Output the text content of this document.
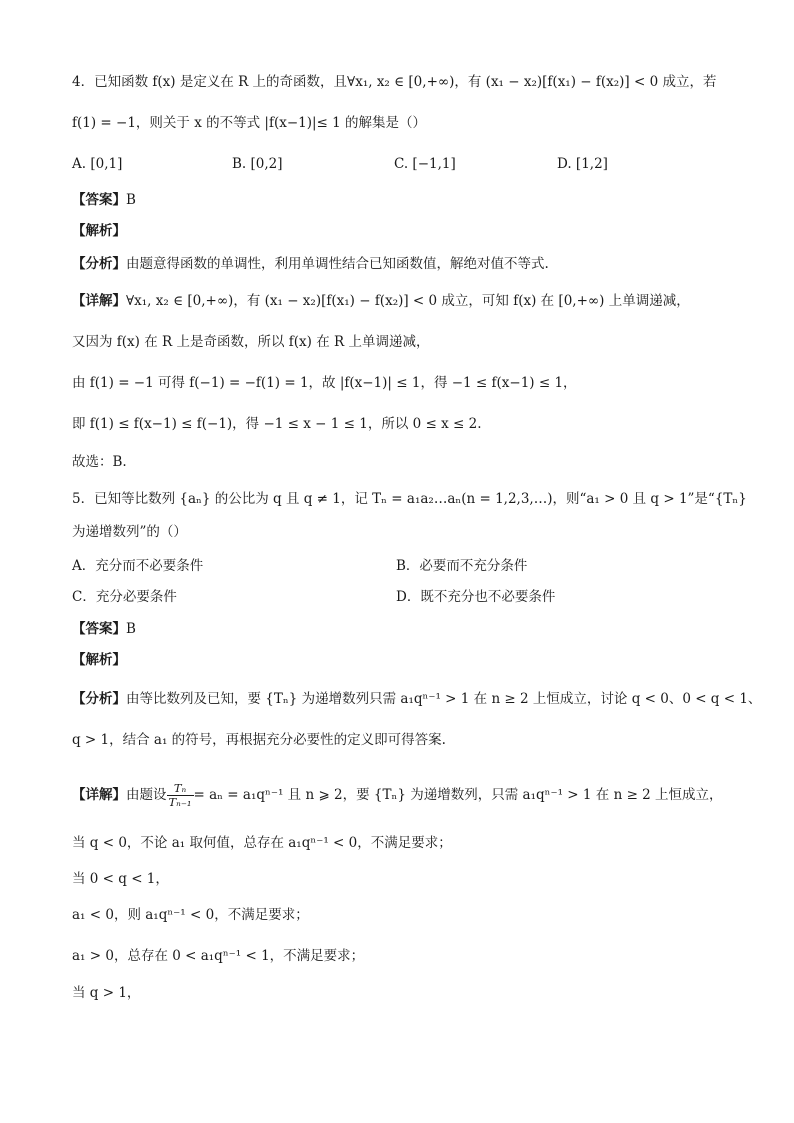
4．已知函数 f(x) 是定义在 R 上的奇函数，且∀x₁, x₂ ∈ [0,+∞)，有 (x₁ − x₂)[f(x₁) − f(x₂)] < 0 成立，若
f(1) = −1，则关于 x 的不等式 |f(x−1)|≤ 1 的解集是（）
A. [0,1]	B. [0,2]	C. [−1,1]	D. [1,2]
【答案】B
【解析】
【分析】由题意得函数的单调性，利用单调性结合已知函数值，解绝对值不等式.
【详解】∀x₁, x₂ ∈ [0,+∞)，有 (x₁ − x₂)[f(x₁) − f(x₂)] < 0 成立，可知 f(x) 在 [0,+∞) 上单调递减，
又因为 f(x) 在 R 上是奇函数，所以 f(x) 在 R 上单调递减，
由 f(1) = −1 可得 f(−1) = −f(1) = 1，故 |f(x−1)| ≤ 1，得 −1 ≤ f(x−1) ≤ 1，
即 f(1) ≤ f(x−1) ≤ f(−1)，得 −1 ≤ x − 1 ≤ 1，所以 0 ≤ x ≤ 2.
故选：B.
5．已知等比数列 {aₙ} 的公比为 q 且 q ≠ 1，记 Tₙ = a₁a₂…aₙ(n = 1,2,3,…)，则“a₁ > 0 且 q > 1”是“{Tₙ}
为递增数列”的（）
A．充分而不必要条件	B．必要而不充分条件
C．充分必要条件	D．既不充分也不必要条件
【答案】B
【解析】
【分析】由等比数列及已知，要 {Tₙ} 为递增数列只需 a₁qⁿ⁻¹ > 1 在 n ≥ 2 上恒成立，讨论 q < 0、0 < q < 1、
q > 1，结合 a₁ 的符号，再根据充分必要性的定义即可得答案.
【详解】由题设 $\frac{\text{Tₙ}}{\text{Tₙ₋₁}} = a_n = a_1q^{n-1}$ 且 n ⩾ 2，要 {Tₙ} 为递增数列，只需 a₁qⁿ⁻¹ > 1 在 n ≥ 2 上恒成立，
当 q < 0，不论 a₁ 取何值，总存在 a₁qⁿ⁻¹ < 0，不满足要求；
当 0 < q < 1，
a₁ < 0，则 a₁qⁿ⁻¹ < 0，不满足要求；
a₁ > 0，总存在 0 < a₁qⁿ⁻¹ < 1，不满足要求；
当 q > 1，
